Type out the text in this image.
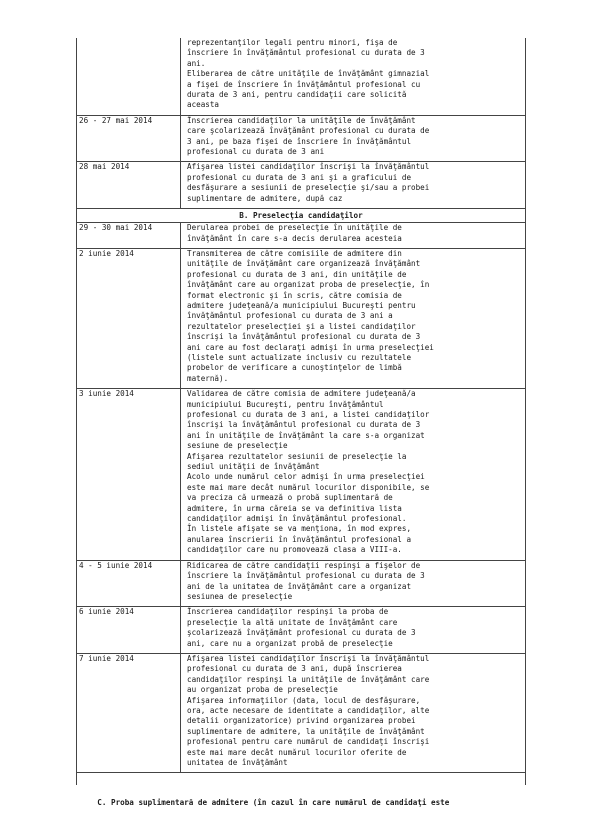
reprezentanţilor legali pentru minori, fişa de
înscriere în învăţământul profesional cu durata de 3
ani.
Eliberarea de către unităţile de învăţământ gimnazial
a fişei de înscriere în învăţământul profesional cu
durata de 3 ani, pentru candidaţii care solicită
aceasta
26 - 27 mai 2014	Înscrierea candidaţilor la unităţile de învăţământ
care şcolarizează învăţământ profesional cu durata de
3 ani, pe baza fişei de înscriere în învăţământul
profesional cu durata de 3 ani
28 mai 2014	Afişarea listei candidaţilor înscrişi la învăţământul
profesional cu durata de 3 ani şi a graficului de
desfăşurare a sesiunii de preselecţie şi/sau a probei
suplimentare de admitere, după caz
B. Preselecţia candidaţilor
29 - 30 mai 2014	Derularea probei de preselecţie în unităţile de
învăţământ în care s-a decis derularea acesteia
2 iunie 2014	Transmiterea de către comisiile de admitere din
unităţile de învăţământ care organizează învăţământ
profesional cu durata de 3 ani, din unităţile de
învăţământ care au organizat proba de preselecţie, în
format electronic şi în scris, către comisia de
admitere judeţeană/a municipiului Bucureşti pentru
învăţământul profesional cu durata de 3 ani a
rezultatelor preselecţiei şi a listei candidaţilor
înscrişi la învăţământul profesional cu durata de 3
ani care au fost declaraţi admişi în urma preselecţiei
(listele sunt actualizate inclusiv cu rezultatele
probelor de verificare a cunoştinţelor de limbă
maternă).
3 iunie 2014	Validarea de către comisia de admitere judeţeană/a
municipiului Bucureşti, pentru învăţământul
profesional cu durata de 3 ani, a listei candidaţilor
înscrişi la învăţământul profesional cu durata de 3
ani în unităţile de învăţământ la care s-a organizat
sesiune de preselecţie
Afişarea rezultatelor sesiunii de preselecţie la
sediul unităţii de învăţământ
Acolo unde numărul celor admişi în urma preselecţiei
este mai mare decât numărul locurilor disponibile, se
va preciza că urmează o probă suplimentară de
admitere, în urma căreia se va definitiva lista
candidaţilor admişi în învăţământul profesional.
În listele afişate se va menţiona, în mod expres,
anularea înscrierii în învăţământul profesional a
candidaţilor care nu promovează clasa a VIII-a.
4 - 5 iunie 2014	Ridicarea de către candidaţii respinşi a fişelor de
înscriere la învăţământul profesional cu durata de 3
ani de la unitatea de învăţământ care a organizat
sesiunea de preselecţie
6 iunie 2014	Înscrierea candidaţilor respinşi la proba de
preselecţie la altă unitate de învăţământ care
şcolarizează învăţământ profesional cu durata de 3
ani, care nu a organizat probă de preselecţie
7 iunie 2014	Afişarea listei candidaţilor înscrişi la învăţământul
profesional cu durata de 3 ani, după înscrierea
candidaţilor respinşi la unităţile de învăţământ care
au organizat proba de preselecţie
Afişarea informaţiilor (data, locul de desfăşurare,
ora, acte necesare de identitate a candidaţilor, alte
detalii organizatorice) privind organizarea probei
suplimentare de admitere, la unităţile de învăţământ
profesional pentru care numărul de candidaţi înscrişi
este mai mare decât numărul locurilor oferite de
unitatea de învăţământ

C. Proba suplimentară de admitere (în cazul în care numărul de candidaţi este
